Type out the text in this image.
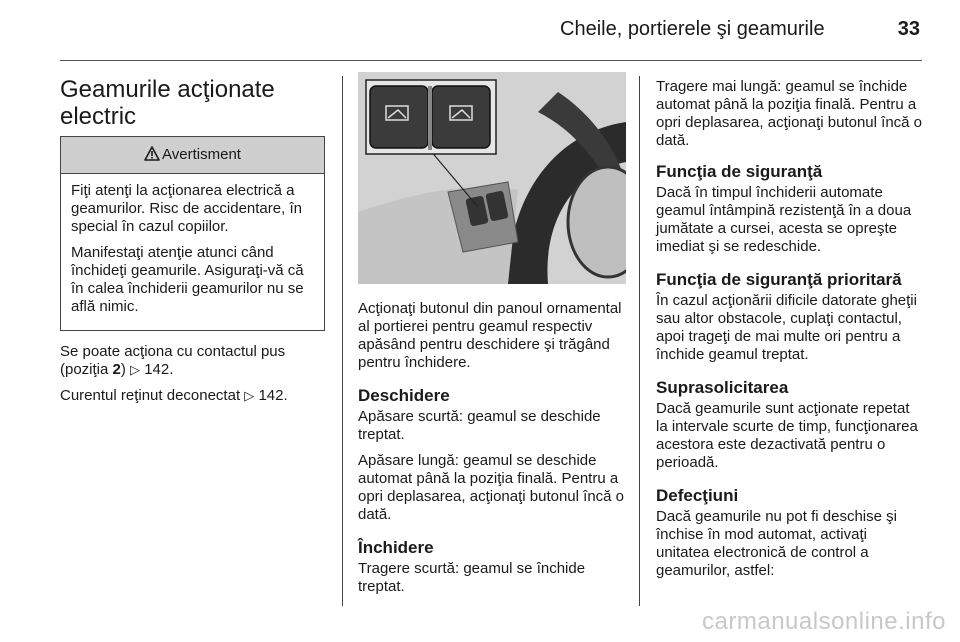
Cheile, portierele şi geamurile	33
Geamurile acţionate
electric
Avertisment

Fiţi atenţi la acţionarea electrică a geamurilor. Risc de accidentare, în special în cazul copiilor.

Manifestaţi atenţie atunci când închideţi geamurile. Asiguraţi-vă că în calea închiderii geamurilor nu se află nimic.

Se poate acţiona cu contactul pus (poziţia 2) ▷ 142.

Curentul reţinut deconectat ▷ 142.

Acţionaţi butonul din panoul ornamental al portierei pentru geamul respectiv apăsând pentru deschidere şi trăgând pentru închidere.

Deschidere

Apăsare scurtă: geamul se deschide treptat.

Apăsare lungă: geamul se deschide automat până la poziţia finală. Pentru a opri deplasarea, acţionaţi butonul încă o dată.

Închidere

Tragere scurtă: geamul se închide treptat.

Tragere mai lungă: geamul se închide automat până la poziţia finală. Pentru a opri deplasarea, acţionaţi butonul încă o dată.

Funcţia de siguranţă

Dacă în timpul închiderii automate geamul întâmpină rezistenţă în a doua jumătate a cursei, acesta se opreşte imediat şi se redeschide.

Funcţia de siguranţă prioritară

În cazul acţionării dificile datorate gheţii sau altor obstacole, cuplaţi contactul, apoi trageţi de mai multe ori pentru a închide geamul treptat.

Suprasolicitarea

Dacă geamurile sunt acţionate repetat la intervale scurte de timp, funcţionarea acestora este dezactivată pentru o perioadă.

Defecţiuni

Dacă geamurile nu pot fi deschise şi închise în mod automat, activaţi unitatea electronică de control a geamurilor, astfel:

carmanualsonline.info
